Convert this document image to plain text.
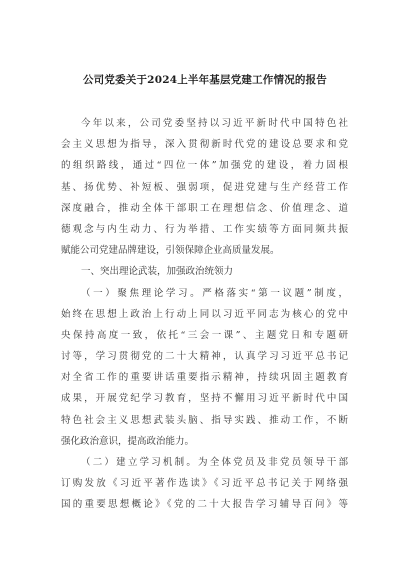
公司党委关于2024上半年基层党建工作情况的报告
今年以来，公司党委坚持以习近平新时代中国特色社
会主义思想为指导，深入贯彻新时代党的建设总要求和党
的组织路线，通过“四位一体”加强党的建设，着力固根
基、扬优势、补短板、强弱项，促进党建与生产经营工作
深度融合，推动全体干部职工在理想信念、价值理念、道
德观念与内生动力、行为举措、工作实绩等方面同频共振
赋能公司党建品牌建设，引领保障企业高质量发展。
一、突出理论武装，加强政治统领力
（一）聚焦理论学习。严格落实“第一议题”制度，
始终在思想上政治上行动上同以习近平同志为核心的党中
央保持高度一致，依托“三会一课”、主题党日和专题研
讨等，学习贯彻党的二十大精神，认真学习习近平总书记
对全省工作的重要讲话重要指示精神，持续巩固主题教育
成果，开展党纪学习教育，坚持不懈用习近平新时代中国
特色社会主义思想武装头脑、指导实践、推动工作，不断
强化政治意识，提高政治能力。
（二）建立学习机制。为全体党员及非党员领导干部
订购发放《习近平著作选读》《习近平总书记关于网络强
国的重要思想概论》《党的二十大报告学习辅导百问》等
